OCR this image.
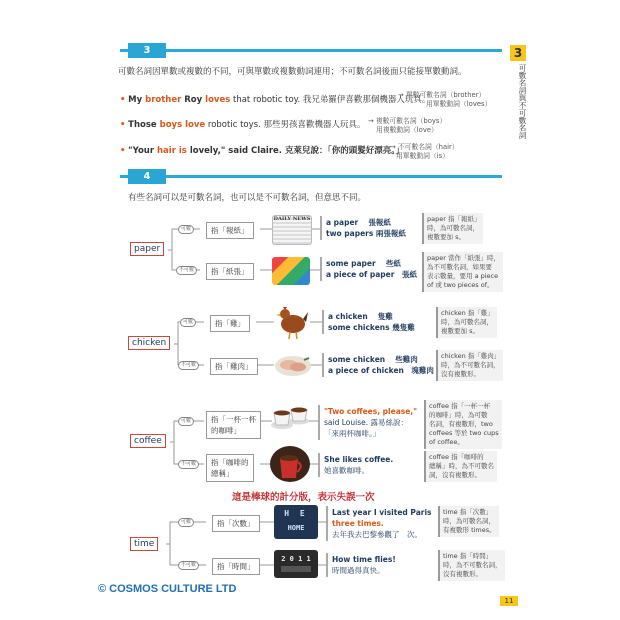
3
可數名詞與不可數名詞
3
可數名詞因單數或複數的不同，可與單數或複數動詞連用；不可數名詞後面只能接單數動詞。
• My brother Roy loves that robotic toy. 我兄弟羅伊喜歡那個機器人玩具。
→ 單數可數名詞（brother）
用單數動詞（loves）
• Those boys love robotic toys. 那些男孩喜歡機器人玩具。 → 複數可數名詞（boys）
用複數動詞（love）
• "Your hair is lovely," said Claire. 克萊兒說：「你的頭髮好漂亮。」
→ 不可數名詞（hair）
用單數動詞（is）
4
有些名詞可以是可數名詞，也可以是不可數名詞，但意思不同。
paper
可數
不可數
指「報紙」
指「紙張」
DAILY NEWS a paper　 張報紙
two papers 兩張報紙
some paper　 些紙
a piece of paper　張紙
paper 指「報紙」
時，為可數名詞，
複數要加 s。
paper 當作「紙張」時，
為不可數名詞，如果要
表示數量，要用 a piece
of 或 two pieces of。
chicken
可數
不可數
指「雞」
指「雞肉」
a chicken　 隻雞
some chickens 幾隻雞
some chicken　 些雞肉
a piece of chicken　塊雞肉
chicken 指「雞」
時，為可數名詞，
複數要加 s。
chicken 指「雞肉」
時，為不可數名詞，
沒有複數形。
coffee
可數
不可數
指「一杯一杯
的咖啡」
指「咖啡的
總稱」
"Two coffees, please,"
said Louise. 露易絲說：
「來兩杯咖啡。」
She likes coffee.
她喜歡咖啡。
coffee 指「一杯一杯
的咖啡」時，為可數
名詞，有複數形，two
coffees 等於 two cups
of coffee。
coffee 指「咖啡的
總稱」時，為不可數名
詞，沒有複數形。
這是棒球的計分版，表示失誤一次
time
可數
不可數
指「次數」
指「時間」
H E
HOME
2 0 1 1
Last year I visited Paris
three times.
去年我去巴黎參觀了　次。
How time flies!
時間過得真快。
time 指「次數」
時，為可數名詞，
有複數形 times。
time 指「時間」
時，為不可數名詞，
沒有複數形。
© COSMOS CULTURE LTD
11
